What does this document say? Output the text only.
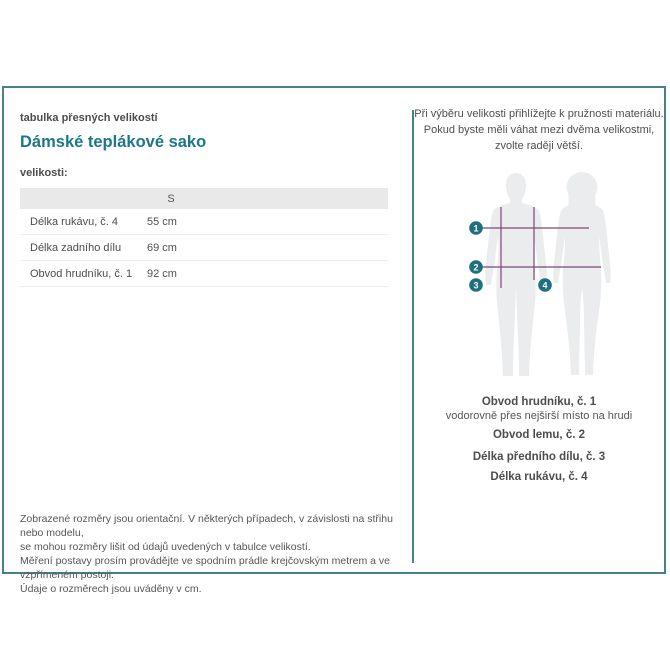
tabulka přesných velikostí
Dámské teplákové sako
velikosti:
S
Délka rukávu, č. 4	55 cm
Délka zadního dílu	69 cm
Obvod hrudníku, č. 1	92 cm
Zobrazené rozměry jsou orientační. V některých případech, v závislosti na střihu nebo modelu,
se mohou rozměry lišit od údajů uvedených v tabulce velikostí.
Měření postavy prosím provádějte ve spodním prádle krejčovským metrem a ve vzpřímeném postoji.
Údaje o rozměrech jsou uváděny v cm.
Při výběru velikosti přihlížejte k pružnosti materiálu.
Pokud byste měli váhat mezi dvěma velikostmi,
zvolte raději větší.
1
2
3	4
Obvod hrudníku, č. 1
vodorovně přes nejširší místo na hrudi
Obvod lemu, č. 2
Délka předního dílu, č. 3
Délka rukávu, č. 4
